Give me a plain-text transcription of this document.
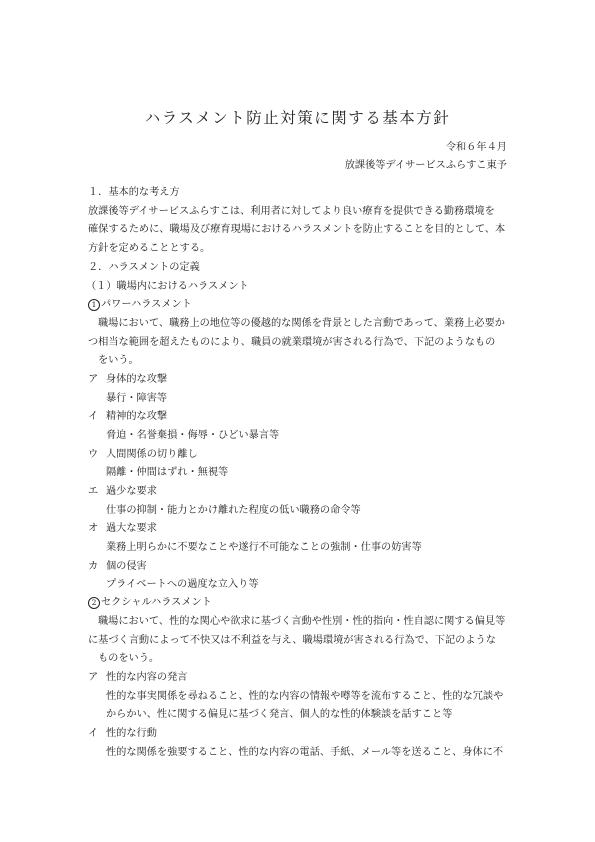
ハラスメント防止対策に関する基本方針
令和６年４月
放課後等デイサービスふらすこ東予
１．基本的な考え方
放課後等デイサービスふらすこは、利用者に対してより良い療育を提供できる勤務環境を
確保するために、職場及び療育現場におけるハラスメントを防止することを目的として、本
方針を定めることとする。
２．ハラスメントの定義
（１）職場内におけるハラスメント
1 パワーハラスメント
職場において、職務上の地位等の優越的な関係を背景とした言動であって、業務上必要か
つ相当な範囲を超えたものにより、職員の就業環境が害される行為で、下記のようなもの
をいう。
ア 身体的な攻撃
暴行・障害等
イ 精神的な攻撃
脅迫・名誉棄損・侮辱・ひどい暴言等
ウ 人間関係の切り離し
隔離・仲間はずれ・無視等
エ 過少な要求
仕事の抑制・能力とかけ離れた程度の低い職務の命令等
オ 過大な要求
業務上明らかに不要なことや遂行不可能なことの強制・仕事の妨害等
カ 個の侵害
プライベートへの過度な立入り等
2 セクシャルハラスメント
職場において、性的な関心や欲求に基づく言動や性別・性的指向・性自認に関する偏見等
に基づく言動によって不快又は不利益を与え、職場環境が害される行為で、下記のような
ものをいう。
ア 性的な内容の発言
性的な事実関係を尋ねること、性的な内容の情報や噂等を流布すること、性的な冗談や
からかい、性に関する偏見に基づく発言、個人的な性的体験談を話すこと等
イ 性的な行動
性的な関係を強要すること、性的な内容の電話、手紙、メール等を送ること、身体に不
